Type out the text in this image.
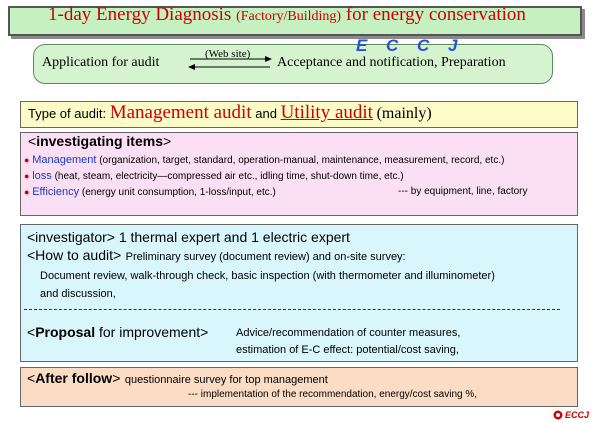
1-day Energy Diagnosis (Factory/Building) for energy conservation
E C C J
Application for audit
(Web site)
Acceptance and notification, Preparation
Type of audit: Management audit and Utility audit (mainly)
<investigating items>
● Management (organization, target, standard, operation-manual, maintenance, measurement, record, etc.)
● loss (heat, steam, electricity—compressed air etc., idling time, shut-down time, etc.)
● Efficiency (energy unit consumption, 1-loss/input, etc.)	--- by equipment, line, factory
<investigator> 1 thermal expert and 1 electric expert
<How to audit> Preliminary survey (document review) and on-site survey:
Document review, walk-through check, basic inspection (with thermometer and illuminometer)
and discussion,
<Proposal for improvement>	Advice/recommendation of counter measures,
estimation of E-C effect: potential/cost saving,
<After follow> questionnaire survey for top management
--- implementation of the recommendation, energy/cost saving %,
ECCJ
